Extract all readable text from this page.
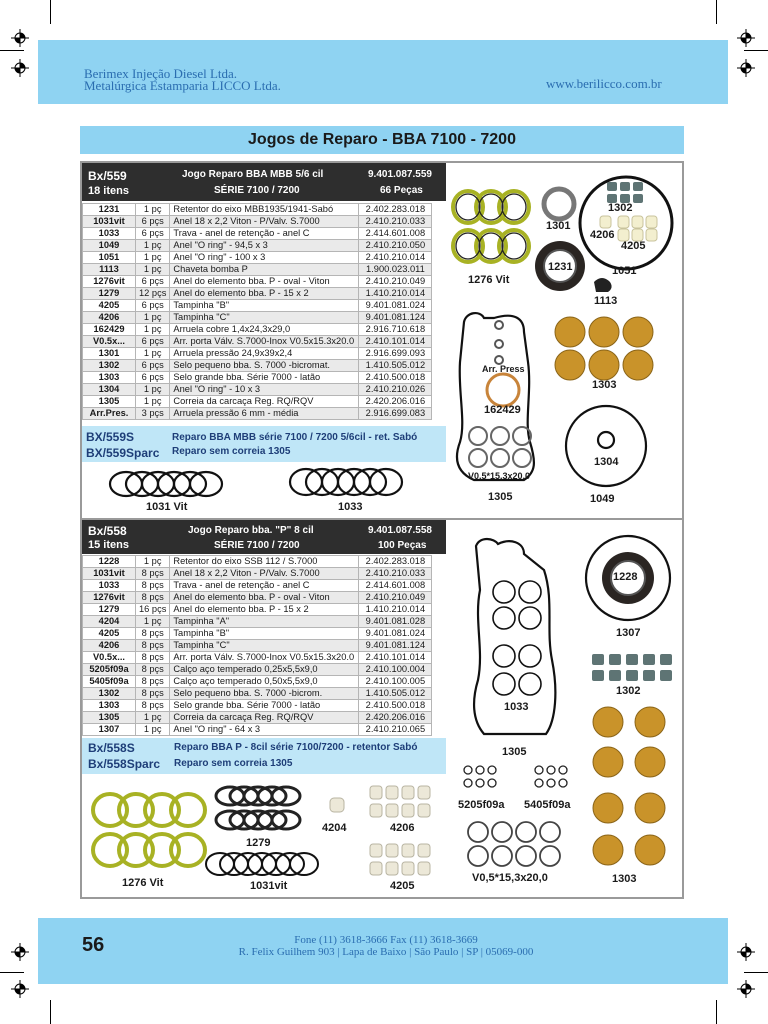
Berimex Injeção Diesel Ltda.
Metalúrgica Estamparia LICCO Ltda.	www.berilicco.com.br
Jogos de Reparo - BBA 7100 - 7200
Bx/559
18 itens
Jogo Reparo BBA MBB 5/6 cil
SÉRIE 7100 / 7200
9.401.087.559
66 Peças
1231	1 pç	Retentor do eixo MBB1935/1941-Sabó	2.402.283.018
1031vit	6 pçs	Anel 18 x 2,2 Viton - P/Valv. S.7000	2.410.210.033
1033	6 pçs	Trava - anel de retenção - anel C	2.414.601.008
1049	1 pç	Anel "O ring" - 94,5 x 3	2.410.210.050
1051	1 pç	Anel "O ring" - 100 x 3	2.410.210.014
1113	1 pç	Chaveta bomba P	1.900.023.011
1276vit	6 pçs	Anel do elemento bba. P - oval - Viton	2.410.210.049
1279	12 pçs	Anel do elemento bba. P - 15 x 2	1.410.210.014
4205	6 pçs	Tampinha "B"	9.401.081.024
4206	1 pç	Tampinha "C"	9.401.081.124
162429	1 pç	Arruela cobre 1,4x24,3x29,0	2.916.710.618
V0.5x...	6 pçs	Arr. porta Válv. S.7000-Inox V0.5x15.3x20.0	2.410.101.014
1301	1 pç	Arruela pressão 24,9x39x2,4	2.916.699.093
1302	6 pçs	Selo pequeno bba. S. 7000 -bicromat.	1.410.505.012
1303	6 pçs	Selo grande bba. Série 7000 - latão	2.410.500.018
1304	1 pç	Anel "O ring" - 10 x 3	2.410.210.026
1305	1 pç	Correia da carcaça Reg. RQ/RQV	2.420.206.016
Arr.Pres.	3 pçs	Arruela pressão 6 mm - média	2.916.699.083
BX/559S	Reparo BBA MBB série 7100 / 7200 5/6cil - ret. Sabó
BX/559Sparc Reparo sem correia 1305
1301
1302
4206
4205
1231
1276 Vit
1051
1113
Arr. Press
162429
1303
V0,5*15,3x20,0
1304
1305	1049
1031 Vit	1033
Bx/558
15 itens
Jogo Reparo bba. "P" 8 cil
SÉRIE 7100 / 7200
9.401.087.558
100 Peças
1228	1 pç	Retentor do eixo SSB 112 / S.7000	2.402.283.018
1031vit	8 pçs	Anel 18 x 2,2 Viton - P/Valv. S.7000	2.410.210.033
1033	8 pçs	Trava - anel de retenção - anel C	2.414.601.008
1276vit	8 pçs	Anel do elemento bba. P - oval - Viton	2.410.210.049
1279	16 pçs	Anel do elemento bba. P - 15 x 2	1.410.210.014
4204	1 pç	Tampinha "A"	9.401.081.028
4205	8 pçs	Tampinha "B"	9.401.081.024
4206	8 pçs	Tampinha "C"	9.401.081.124
V0.5x...	8 pçs	Arr. porta Válv. S.7000-Inox V0.5x15.3x20.0	2.410.101.014
5205f09a	8 pçs	Calço aço temperado 0,25x5,5x9,0	2.410.100.004
5405f09a	8 pçs	Calço aço temperado 0,50x5,5x9,0	2.410.100.005
1302	8 pçs	Selo pequeno bba. S. 7000 -bicrom.	1.410.505.012
1303	8 pçs	Selo grande bba. Série 7000 - latão	2.410.500.018
1305	1 pç	Correia da carcaça Reg. RQ/RQV	2.420.206.016
1307	1 pç	Anel "O ring" - 64 x 3	2.410.210.065
Bx/558S	Reparo BBA P - 8cil série 7100/7200 - retentor Sabó
Bx/558Sparc Reparo sem correia 1305
1228
1307
1033
1302
1305
1303
1276 Vit
1279
4204	4206
1031vit	4205
5205f09a 5405f09a
V0,5*15,3x20,0
56	Fone (11) 3618-3666 Fax (11) 3618-3669
R. Felix Guilhem 903 | Lapa de Baixo | São Paulo | SP | 05069-000
